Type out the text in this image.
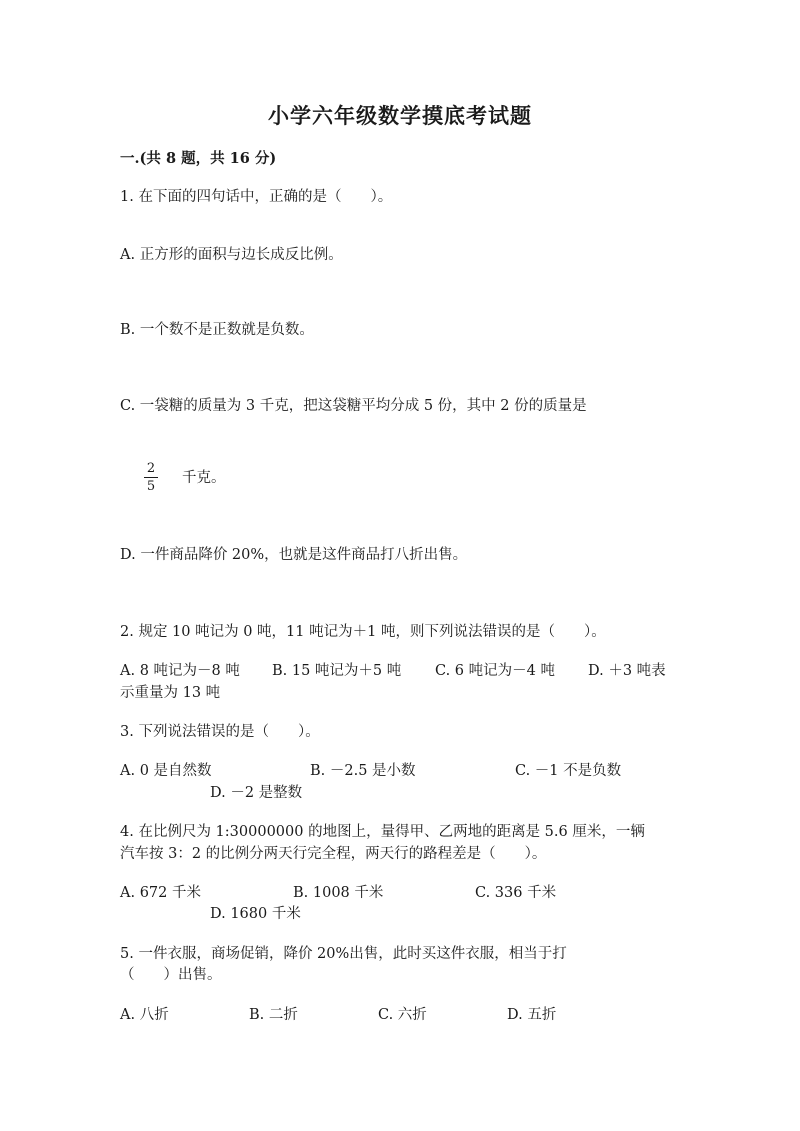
小学六年级数学摸底考试题
一.(共 8 题，共 16 分)
1. 在下面的四句话中，正确的是（　　）。
A. 正方形的面积与边长成反比例。
B. 一个数不是正数就是负数。
C. 一袋糖的质量为 3 千克，把这袋糖平均分成 5 份，其中 2 份的质量是
2
5
千克。
D. 一件商品降价 20%，也就是这件商品打八折出售。
2. 规定 10 吨记为 0 吨，11 吨记为＋1 吨，则下列说法错误的是（　　）。
A. 8 吨记为－8 吨 B. 15 吨记为＋5 吨 C. 6 吨记为－4 吨 D. ＋3 吨表
示重量为 13 吨
3. 下列说法错误的是（　　）。
A. 0 是自然数	B. －2.5 是小数	C. －1 不是负数
D. －2 是整数
4. 在比例尺为 1:30000000 的地图上，量得甲、乙两地的距离是 5.6 厘米，一辆
汽车按 3：2 的比例分两天行完全程，两天行的路程差是（　　）。
A. 672 千米	B. 1008 千米	C. 336 千米
D. 1680 千米
5. 一件衣服，商场促销，降价 20%出售，此时买这件衣服，相当于打
（　　）出售。
A. 八折	B. 二折	C. 六折	D. 五折
